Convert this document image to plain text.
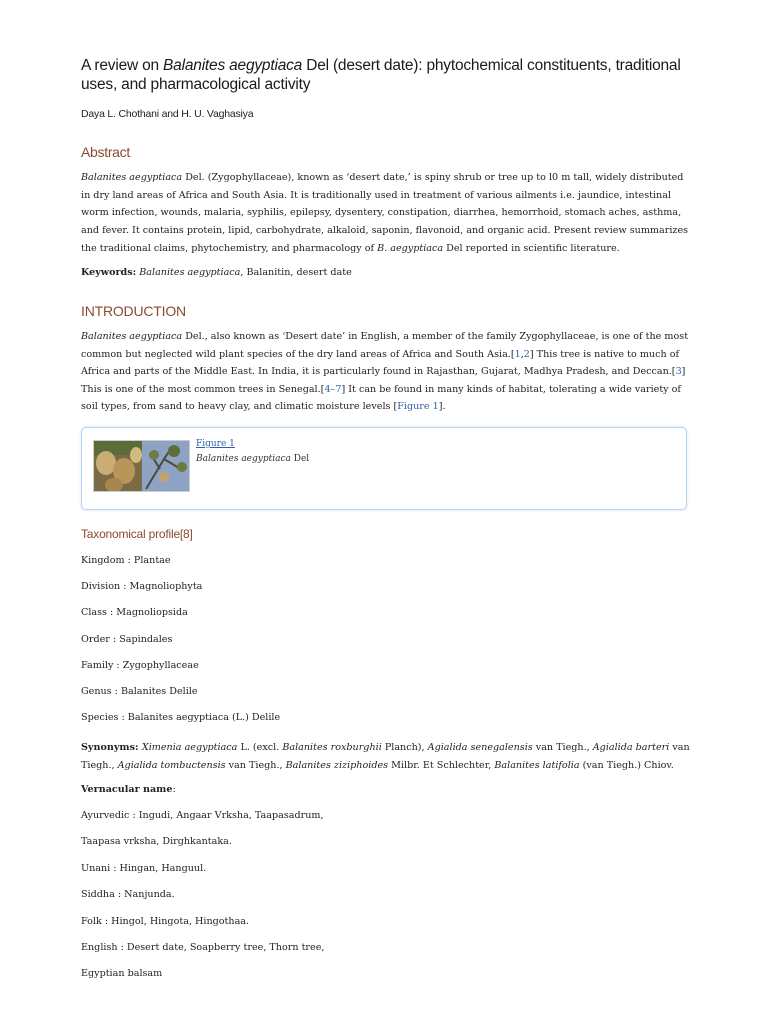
A review on Balanites aegyptiaca Del (desert date): phytochemical constituents, traditional uses, and pharmacological activity
Daya L. Chothani and H. U. Vaghasiya
Abstract
Balanites aegyptiaca Del. (Zygophyllaceae), known as ‘desert date,’ is spiny shrub or tree up to l0 m tall, widely distributed in dry land areas of Africa and South Asia. It is traditionally used in treatment of various ailments i.e. jaundice, intestinal worm infection, wounds, malaria, syphilis, epilepsy, dysentery, constipation, diarrhea, hemorrhoid, stomach aches, asthma, and fever. It contains protein, lipid, carbohydrate, alkaloid, saponin, flavonoid, and organic acid. Present review summarizes the traditional claims, phytochemistry, and pharmacology of B. aegyptiaca Del reported in scientific literature.
Keywords: Balanites aegyptiaca, Balanitin, desert date
INTRODUCTION
Balanites aegyptiaca Del., also known as ‘Desert date’ in English, a member of the family Zygophyllaceae, is one of the most common but neglected wild plant species of the dry land areas of Africa and South Asia.[1,2] This tree is native to much of Africa and parts of the Middle East. In India, it is particularly found in Rajasthan, Gujarat, Madhya Pradesh, and Deccan.[3] This is one of the most common trees in Senegal.[4–7] It can be found in many kinds of habitat, tolerating a wide variety of soil types, from sand to heavy clay, and climatic moisture levels [Figure 1].
Figure 1
Balanites aegyptiaca Del
Taxonomical profile[8]
Kingdom : Plantae
Division : Magnoliophyta
Class : Magnoliopsida
Order : Sapindales
Family : Zygophyllaceae
Genus : Balanites Delile
Species : Balanites aegyptiaca (L.) Delile
Synonyms: Ximenia aegyptiaca L. (excl. Balanites roxburghii Planch), Agialida senegalensis van Tiegh., Agialida barteri van Tiegh., Agialida tombuctensis van Tiegh., Balanites ziziphoides Milbr. Et Schlechter, Balanites latifolia (van Tiegh.) Chiov.
Vernacular name:
Ayurvedic : Ingudi, Angaar Vrksha, Taapasadrum,
Taapasa vrksha, Dirghkantaka.
Unani : Hingan, Hanguul.
Siddha : Nanjunda.
Folk : Hingol, Hingota, Hingothaa.
English : Desert date, Soapberry tree, Thorn tree,
Egyptian balsam
